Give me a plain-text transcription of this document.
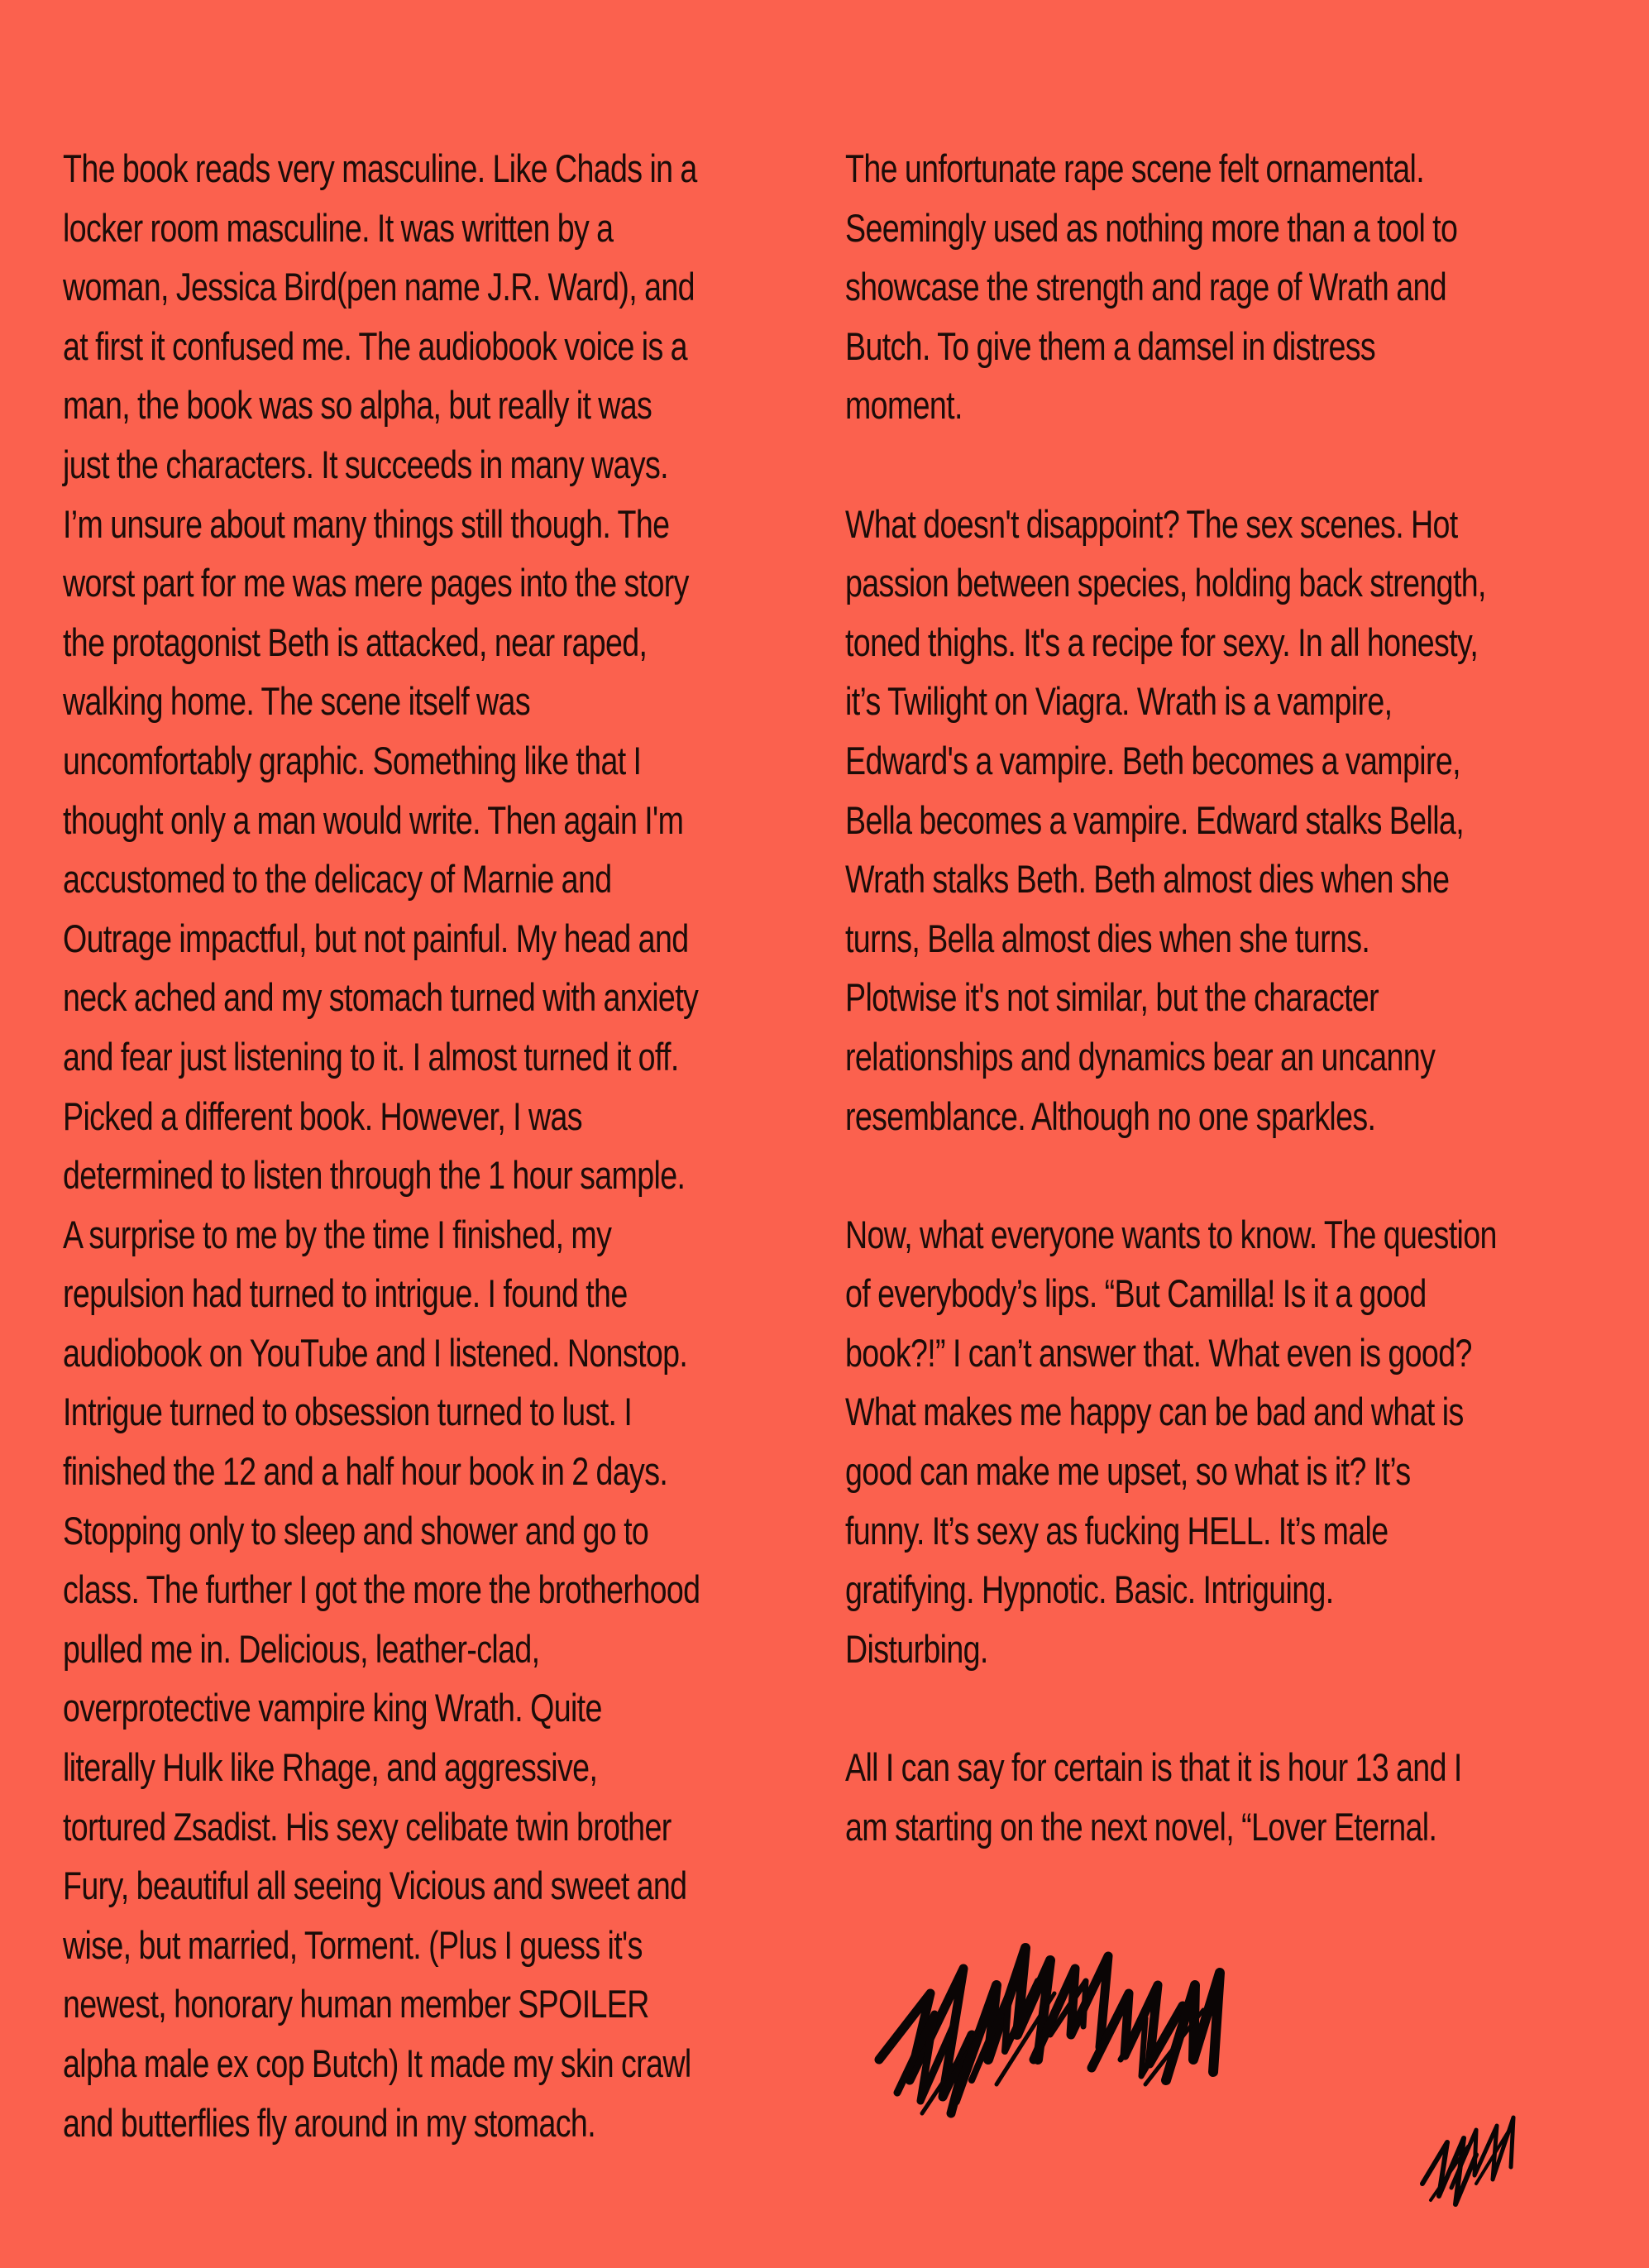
The book reads very masculine. Like Chads in a
locker room masculine. It was written by a
woman, Jessica Bird(pen name J.R. Ward), and
at first it confused me. The audiobook voice is a
man, the book was so alpha, but really it was
just the characters. It succeeds in many ways.
I’m unsure about many things still though. The
worst part for me was mere pages into the story
the protagonist Beth is attacked, near raped,
walking home. The scene itself was
uncomfortably graphic. Something like that I
thought only a man would write. Then again I'm
accustomed to the delicacy of Marnie and
Outrage impactful, but not painful. My head and
neck ached and my stomach turned with anxiety
and fear just listening to it. I almost turned it off.
Picked a different book. However, I was
determined to listen through the 1 hour sample.
A surprise to me by the time I finished, my
repulsion had turned to intrigue. I found the
audiobook on YouTube and I listened. Nonstop.
Intrigue turned to obsession turned to lust. I
finished the 12 and a half hour book in 2 days.
Stopping only to sleep and shower and go to
class. The further I got the more the brotherhood
pulled me in. Delicious, leather-clad,
overprotective vampire king Wrath. Quite
literally Hulk like Rhage, and aggressive,
tortured Zsadist. His sexy celibate twin brother
Fury, beautiful all seeing Vicious and sweet and
wise, but married, Torment. (Plus I guess it's
newest, honorary human member SPOILER
alpha male ex cop Butch) It made my skin crawl
and butterflies fly around in my stomach.

The unfortunate rape scene felt ornamental.
Seemingly used as nothing more than a tool to
showcase the strength and rage of Wrath and
Butch. To give them a damsel in distress
moment.

What doesn't disappoint? The sex scenes. Hot
passion between species, holding back strength,
toned thighs. It's a recipe for sexy. In all honesty,
it’s Twilight on Viagra. Wrath is a vampire,
Edward's a vampire. Beth becomes a vampire,
Bella becomes a vampire. Edward stalks Bella,
Wrath stalks Beth. Beth almost dies when she
turns, Bella almost dies when she turns.
Plotwise it's not similar, but the character
relationships and dynamics bear an uncanny
resemblance. Although no one sparkles.

Now, what everyone wants to know. The question
of everybody’s lips. “But Camilla! Is it a good
book?!” I can’t answer that. What even is good?
What makes me happy can be bad and what is
good can make me upset, so what is it? It’s
funny. It’s sexy as fucking HELL. It’s male
gratifying. Hypnotic. Basic. Intriguing.
Disturbing.

All I can say for certain is that it is hour 13 and I
am starting on the next novel, “Lover Eternal.
